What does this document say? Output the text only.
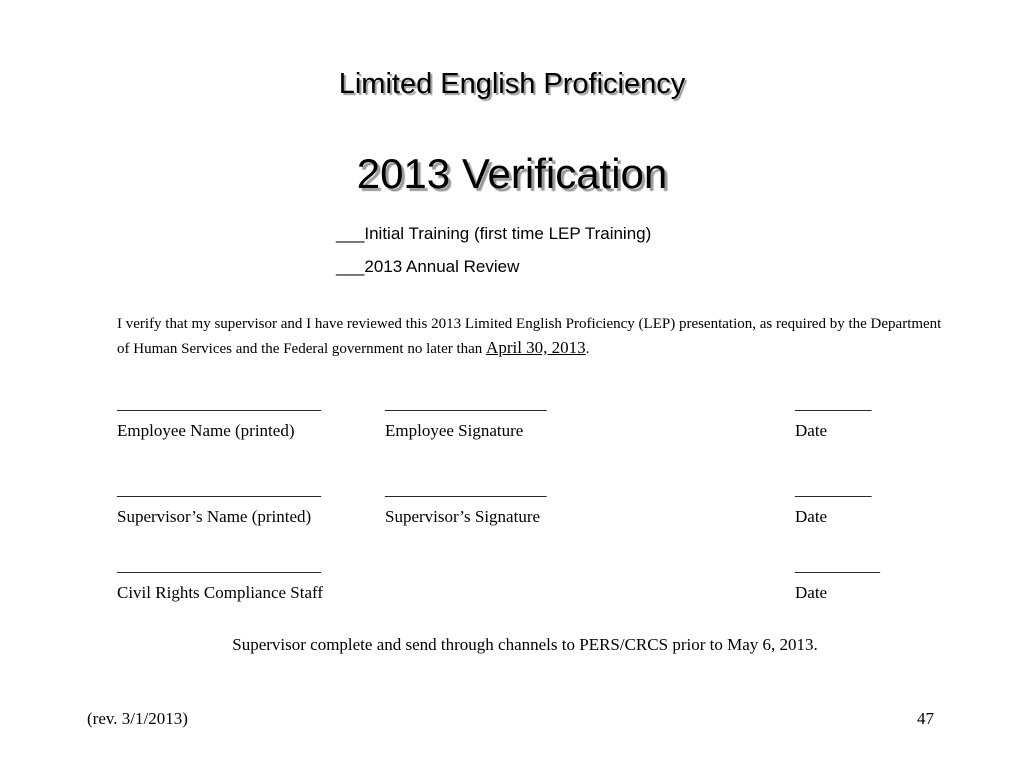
Limited English Proficiency
2013 Verification
___Initial Training (first time LEP Training)
___2013 Annual Review
I verify that my supervisor and I have reviewed this 2013 Limited English Proficiency (LEP) presentation, as required by the Department of Human Services and the Federal government no later than April 30, 2013.
________________________
Employee Name (printed)
___________________
Employee Signature
_________
Date
________________________
Supervisor’s Name (printed)
___________________
Supervisor’s Signature
_________
Date
________________________
Civil Rights Compliance Staff
__________
Date
Supervisor complete and send through channels to PERS/CRCS prior to May 6, 2013.
(rev. 3/1/2013)	47
